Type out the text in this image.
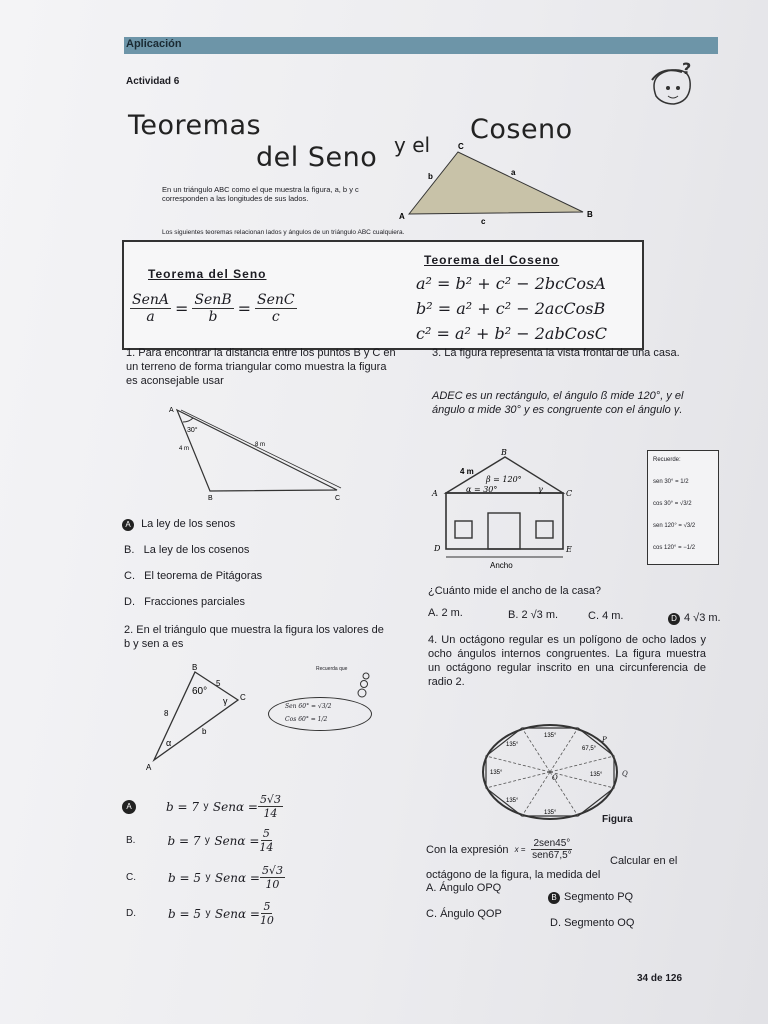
Aplicación
Actividad 6
?
Teoremas
del Seno y el Coseno
C
b	a
A
c
B
En un triángulo ABC como el que muestra la figura, a, b y c corresponden a las longitudes de sus lados.
Los siguientes teoremas relacionan lados y ángulos de un triángulo ABC cualquiera.
Teorema del Seno
$\frac{\text{SenA}}{a} = \frac{\text{SenB}}{b} = \frac{\text{SenC}}{c}$
Teorema del Coseno
a² = b² + c² − 2bcCosA
b² = a² + c² − 2acCosB
c² = a² + b² − 2abCosC
1. Para encontrar la distancia entre los puntos B y C en un terreno de forma triangular como muestra la figura es aconsejable usar
A
30°
4 m
8 m
B	C
A La ley de los senos
B. La ley de los cosenos
C. El teorema de Pitágoras
D. Fracciones parciales
2. En el triángulo que muestra la figura los valores de b y sen a es
B
C
A
5
8
b
60°
γ
α
Recuerda que
Sen 60° = √3/2
Cos 60° = 1/2
A	b = 7
y
$Sen\alpha = \frac{5√3}{14}$
B.	b = 7
y
$Sen\alpha = \frac{5}{14}$
C.	b = 5
y
$Sen\alpha = \frac{5√3}{10}$
D.	b = 5
y
$Sen\alpha = \frac{5}{10}$
3. La figura representa la vista frontal de una casa.
ADEC es un rectángulo, el ángulo ß mide 120°, y el ángulo α mide 30° y es congruente con el ángulo γ.
B
A	C
D	E
4 m
β = 120°
α = 30°	γ
Ancho
Recuerde:
sen 30° = 1/2
cos 30° = √3/2
sen 120° = √3/2
cos 120° = −1/2
¿Cuánto mide el ancho de la casa?
A. 2 m.	B. 2 √3 m.	C. 4 m.	D 4 √3 m.
4. Un octágono regular es un polígono de ocho lados y ocho ángulos internos congruentes. La figura muestra un octágono regular inscrito en una circunferencia de radio 2.
135°
135°
135°
135°
135°
135°
67,5°
P
O	Q
Figura
Con la expresión $x = \frac{\text{2sen45°}}{\text{sen67,5°}}$	Calcular en el octágono de la figura, la medida del
A. Ángulo OPQ
B Segmento PQ
C. Ángulo QOP
D. Segmento OQ
34 de 126
